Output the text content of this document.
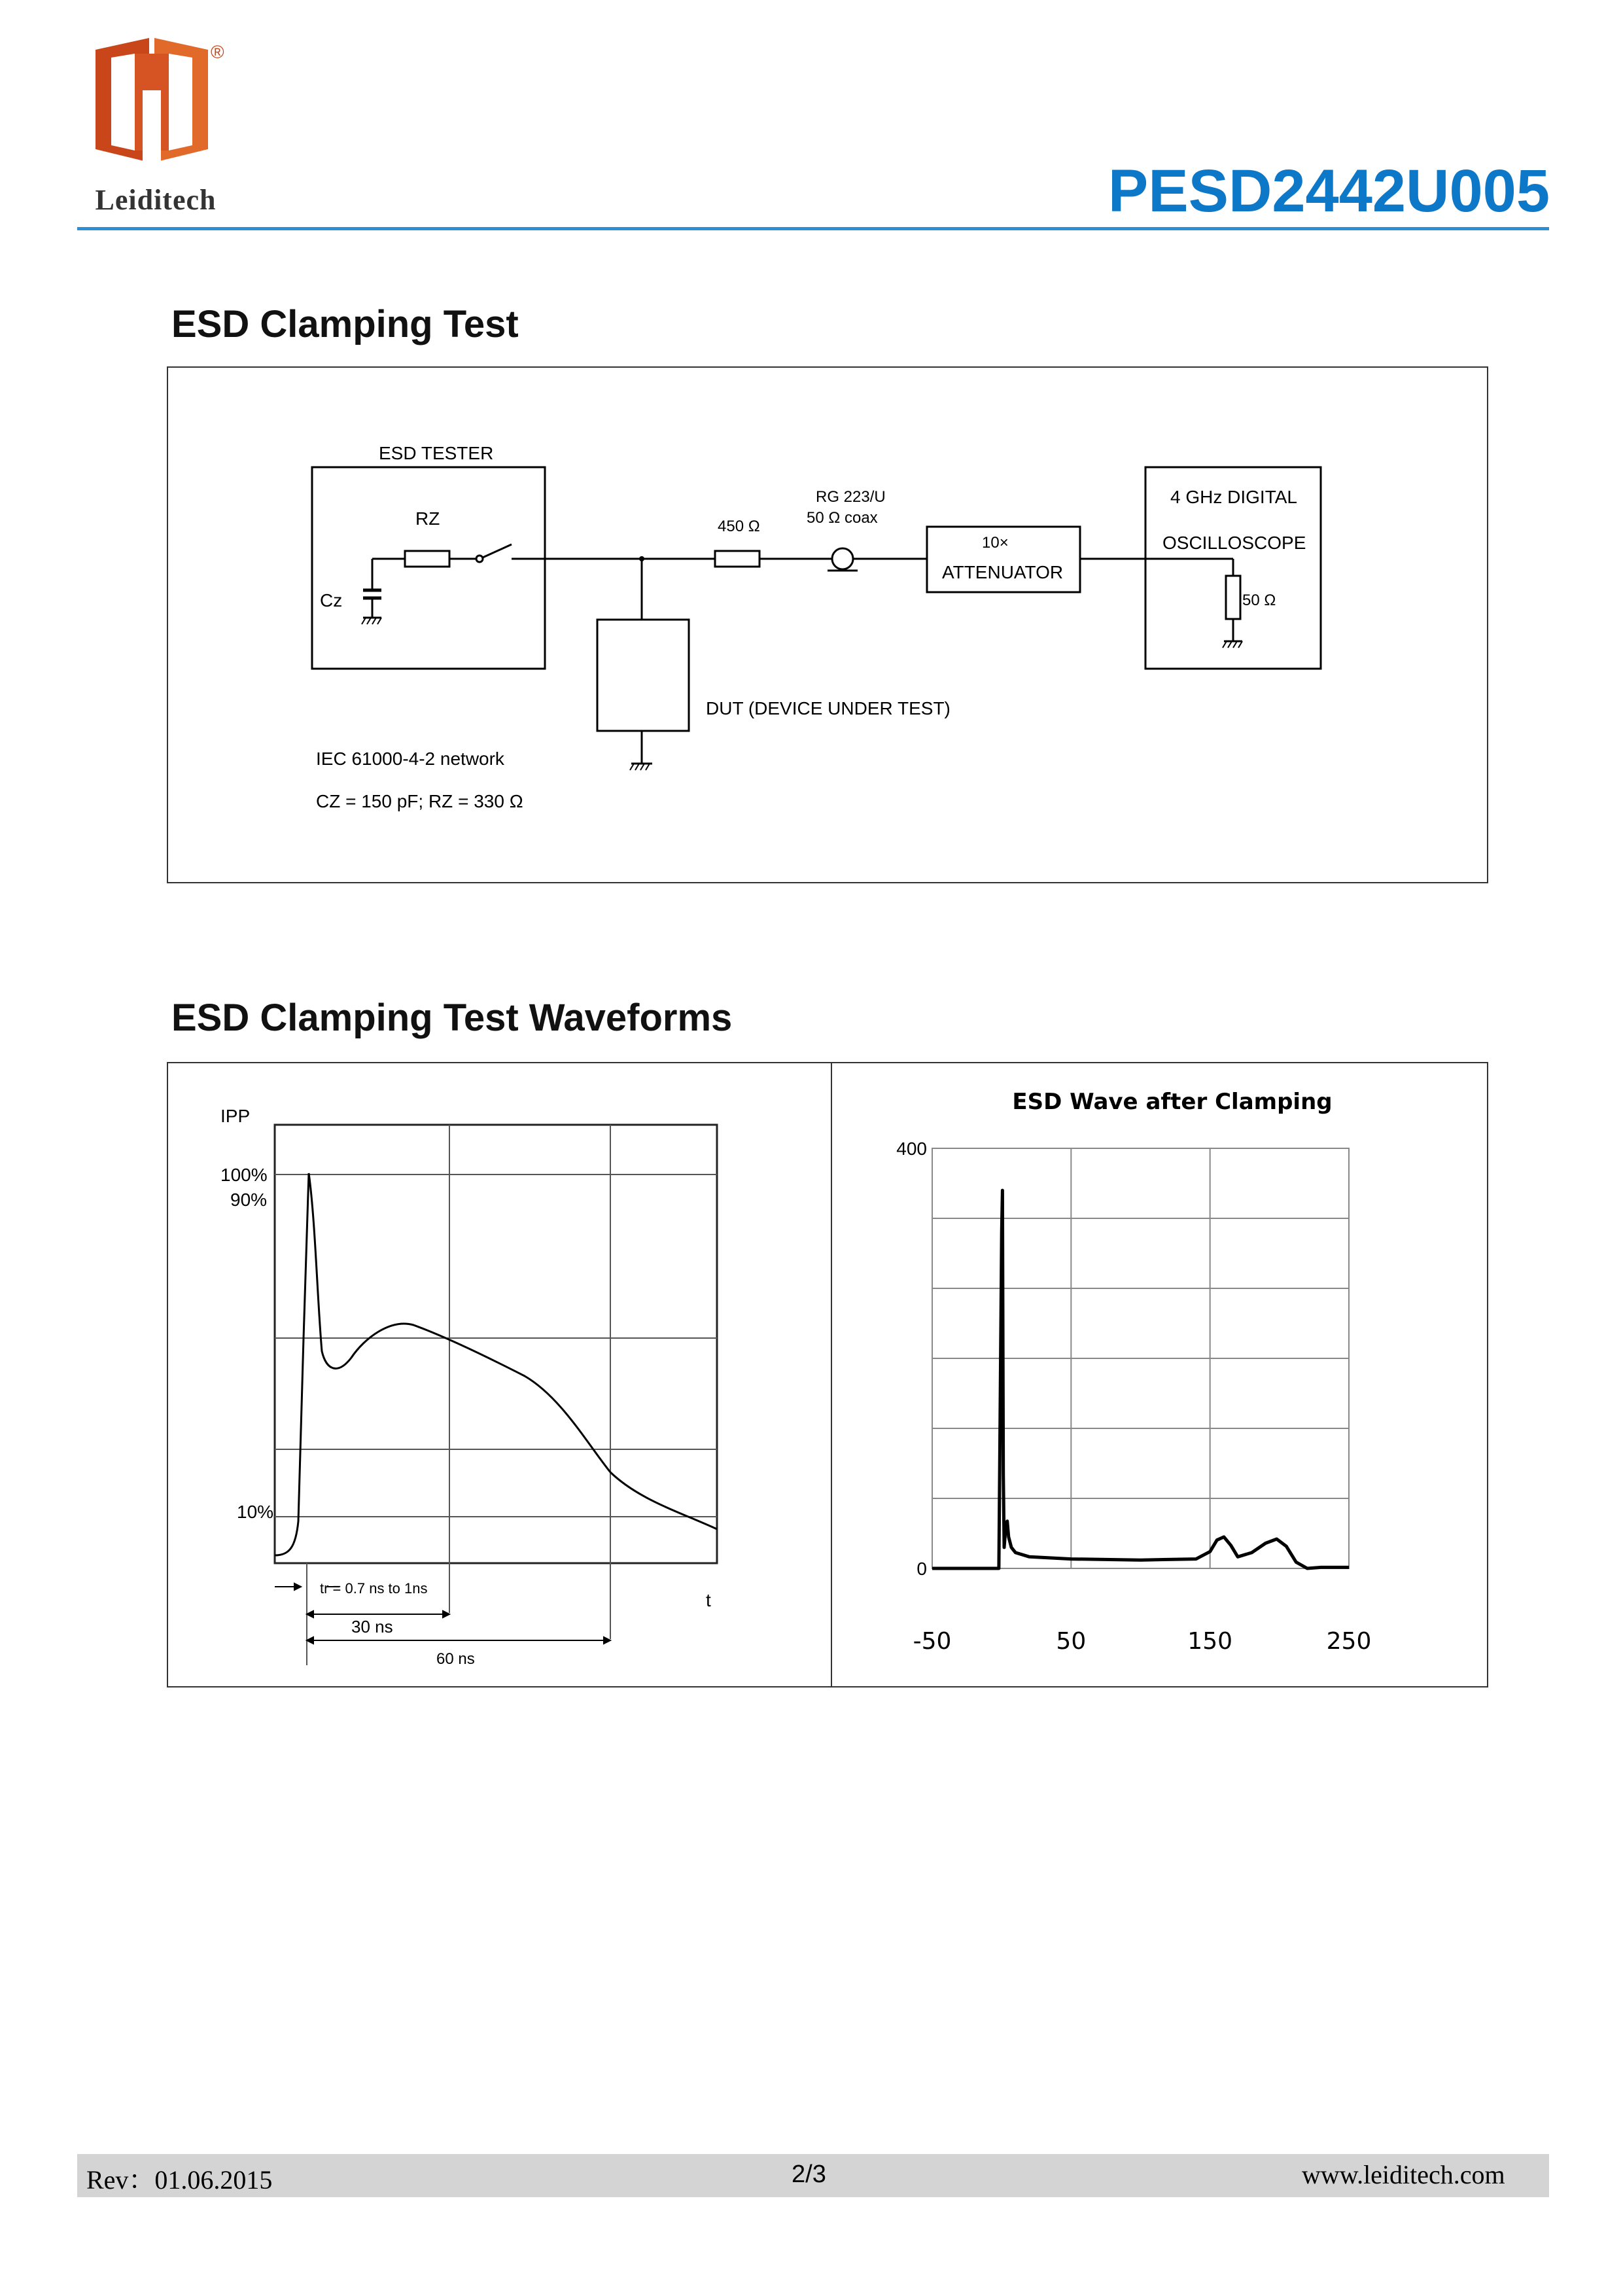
®
Leiditech	PESD2442U005
ESD Clamping Test
ESD TESTER
RZ
Cz
450 Ω
RG 223/U
50 Ω coax
10×
ATTENUATOR
4 GHz DIGITAL
OSCILLOSCOPE
50 Ω
DUT (DEVICE UNDER TEST)
IEC 61000-4-2 network
CZ = 150 pF; RZ = 330 Ω
ESD Clamping Test Waveforms
IPP
100%
90%
10%
tr = 0.7 ns to 1ns
30 ns
60 ns
t
ESD Wave after Clamping
-50	50	150	250
0
400
Rev：01.06.2015	2/3	www.leiditech.com
